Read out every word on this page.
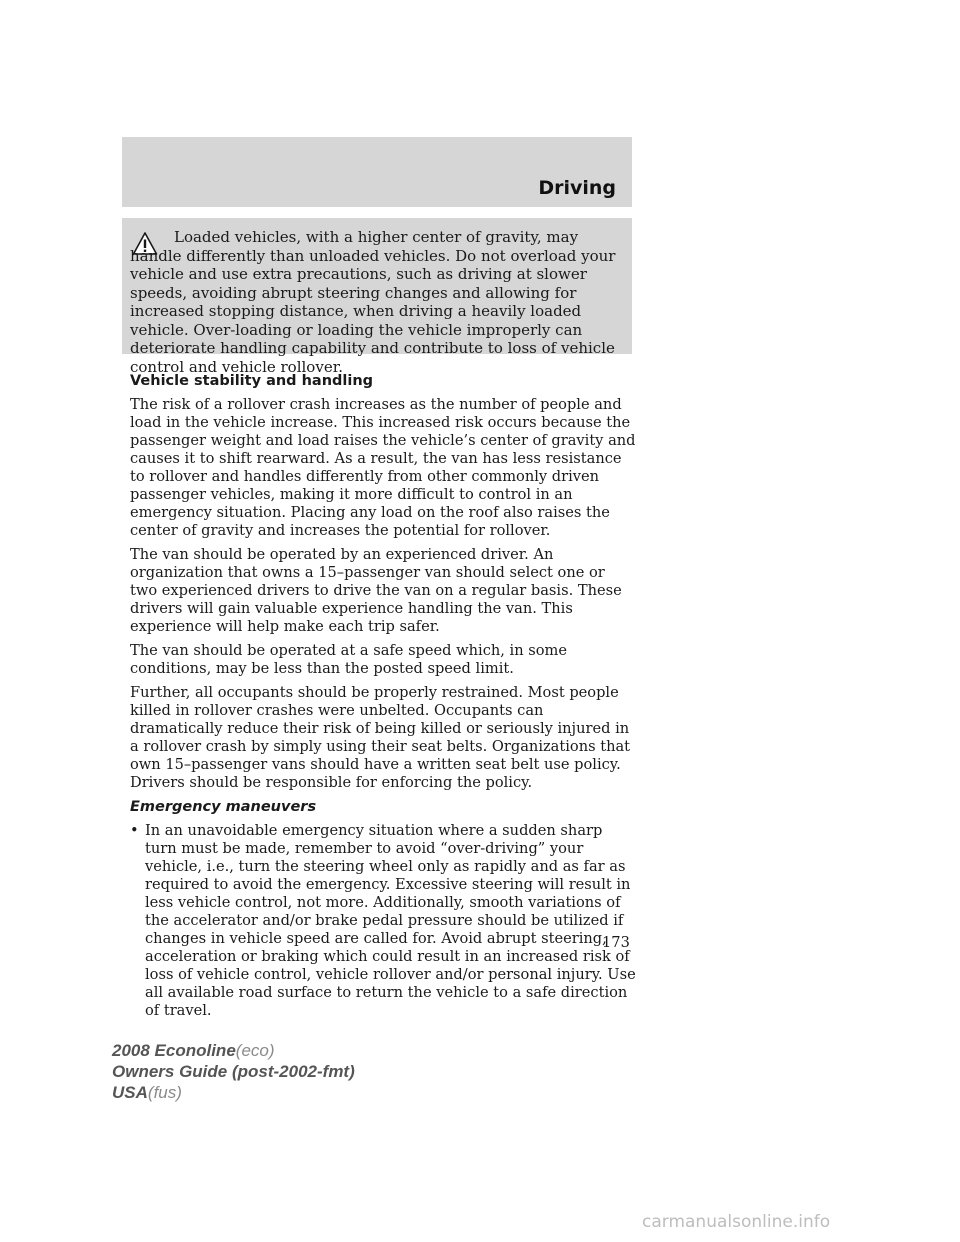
Driving

Loaded vehicles, with a higher center of gravity, may handle differently than unloaded vehicles. Do not overload your vehicle and use extra precautions, such as driving at slower speeds, avoiding abrupt steering changes and allowing for increased stopping distance, when driving a heavily loaded vehicle. Over-loading or loading the vehicle improperly can deteriorate handling capability and contribute to loss of vehicle control and vehicle rollover.

Vehicle stability and handling

The risk of a rollover crash increases as the number of people and load in the vehicle increase. This increased risk occurs because the passenger weight and load raises the vehicle’s center of gravity and causes it to shift rearward. As a result, the van has less resistance to rollover and handles differently from other commonly driven passenger vehicles, making it more difficult to control in an emergency situation. Placing any load on the roof also raises the center of gravity and increases the potential for rollover.

The van should be operated by an experienced driver. An organization that owns a 15–passenger van should select one or two experienced drivers to drive the van on a regular basis. These drivers will gain valuable experience handling the van. This experience will help make each trip safer.

The van should be operated at a safe speed which, in some conditions, may be less than the posted speed limit.

Further, all occupants should be properly restrained. Most people killed in rollover crashes were unbelted. Occupants can dramatically reduce their risk of being killed or seriously injured in a rollover crash by simply using their seat belts. Organizations that own 15–passenger vans should have a written seat belt use policy. Drivers should be responsible for enforcing the policy.

Emergency maneuvers
• In an unavoidable emergency situation where a sudden sharp turn must be made, remember to avoid “over-driving” your vehicle, i.e., turn the steering wheel only as rapidly and as far as required to avoid the emergency. Excessive steering will result in less vehicle control, not more. Additionally, smooth variations of the accelerator and/or brake pedal pressure should be utilized if changes in vehicle speed are called for. Avoid abrupt steering, acceleration or braking which could result in an increased risk of loss of vehicle control, vehicle rollover and/or personal injury. Use all available road surface to return the vehicle to a safe direction of travel.
173
2008 Econoline(eco)
Owners Guide (post-2002-fmt)
USA(fus)
carmanualsonline.info
